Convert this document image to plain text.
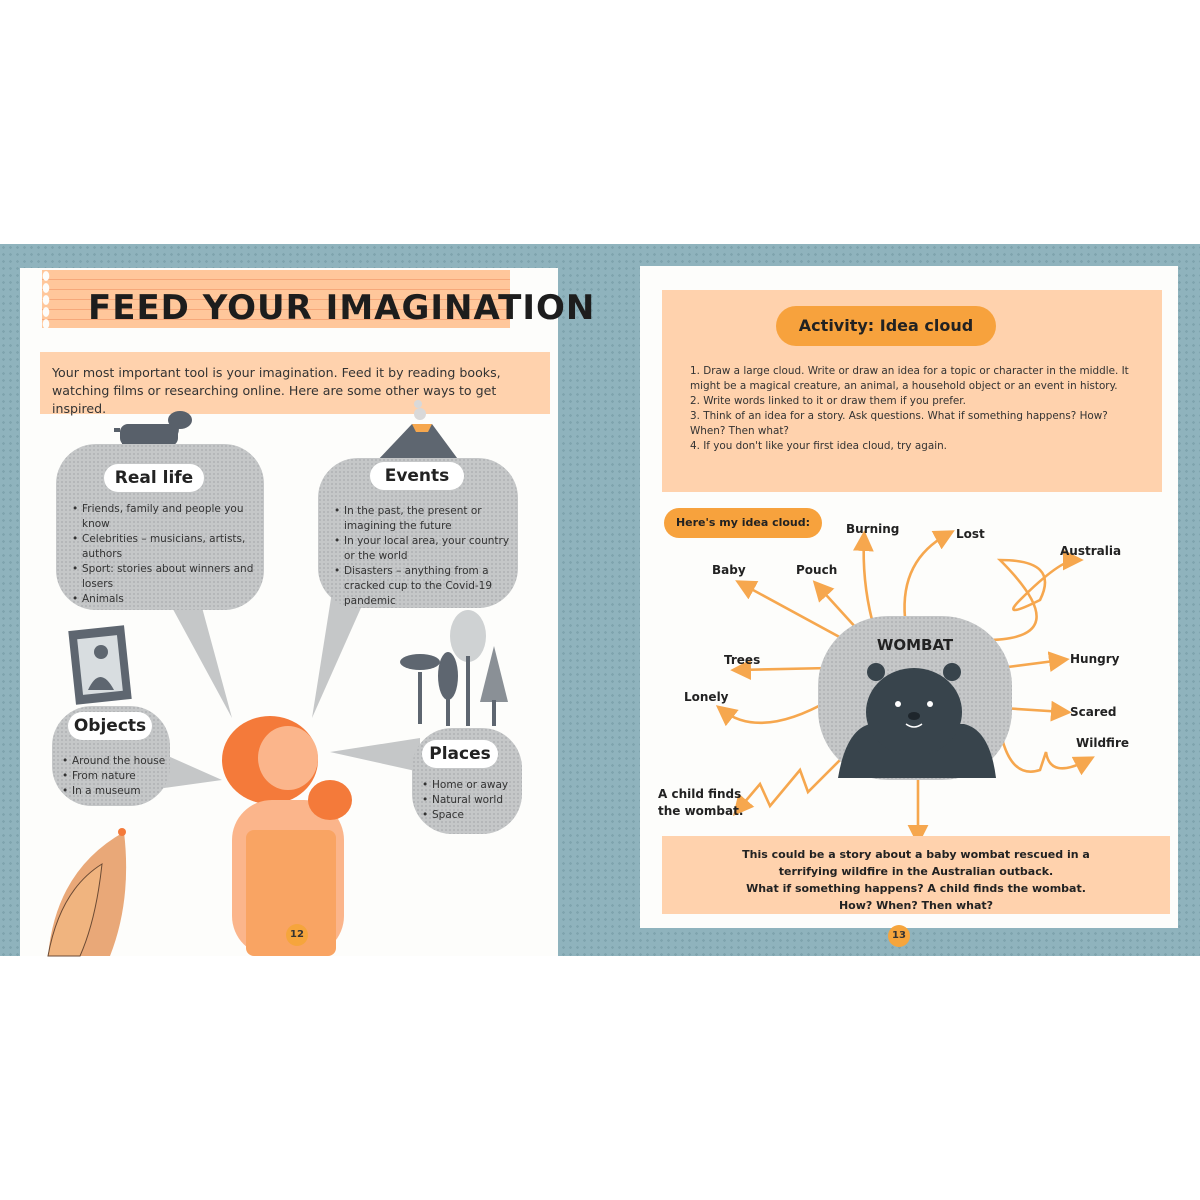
FEED YOUR IMAGINATION
Your most important tool is your imagination. Feed it by reading books, watching films or researching online. Here are some other ways to get inspired.
Real life
• Friends, family and people you know
• Celebrities – musicians, artists, authors
• Sport: stories about winners and losers
• Animals
Events
• In the past, the present or imagining the future
• In your local area, your country or the world
• Disasters – anything from a cracked cup to the Covid-19 pandemic
Objects
• Around the house
• From nature
• In a museum
Places
• Home or away
• Natural world
• Space
12
Activity: Idea cloud
1. Draw a large cloud. Write or draw an idea for a topic or character in the middle. It might be a magical creature, an animal, a household object or an event in history.
2. Write words linked to it or draw them if you prefer.
3. Think of an idea for a story. Ask questions. What if something happens? How? When? Then what?
4. If you don't like your first idea cloud, try again.
Here's my idea cloud:
WOMBAT
Burning	Lost
Australia
Baby	Pouch
Trees	Hungry
Lonely
Scared
Wildfire
A child finds
the wombat.
This could be a story about a baby wombat rescued in a
terrifying wildfire in the Australian outback.
What if something happens? A child finds the wombat.
How? When? Then what?
13
